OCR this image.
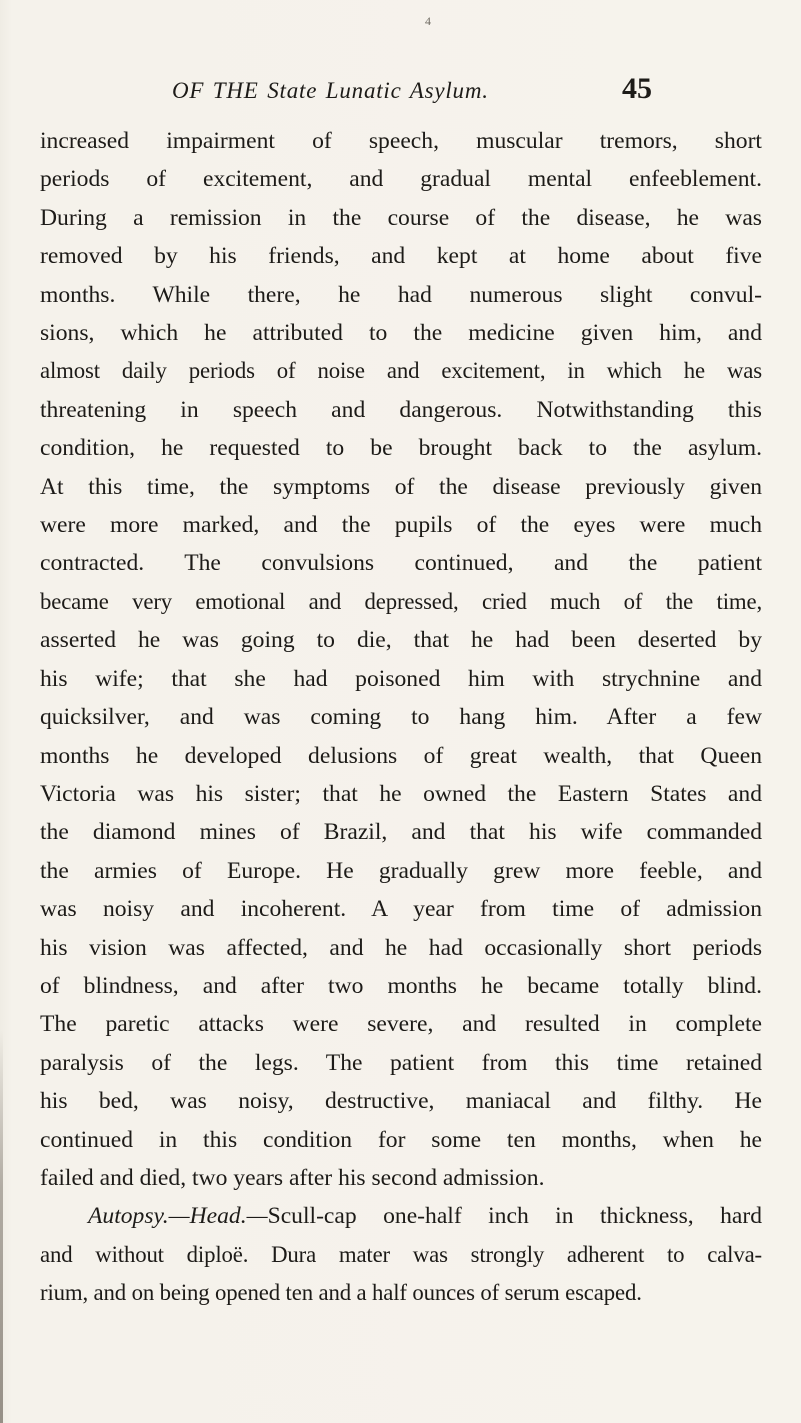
4
OF THE State Lunatic Asylum.	45
increased impairment of speech, muscular tremors, short
periods of excitement, and gradual mental enfeeblement.
During a remission in the course of the disease, he was
removed by his friends, and kept at home about five
months. While there, he had numerous slight convul-
sions, which he attributed to the medicine given him, and
almost daily periods of noise and excitement, in which he was
threatening in speech and dangerous. Notwithstanding this
condition, he requested to be brought back to the asylum.
At this time, the symptoms of the disease previously given
were more marked, and the pupils of the eyes were much
contracted. The convulsions continued, and the patient
became very emotional and depressed, cried much of the time,
asserted he was going to die, that he had been deserted by
his wife; that she had poisoned him with strychnine and
quicksilver, and was coming to hang him. After a few
months he developed delusions of great wealth, that Queen
Victoria was his sister; that he owned the Eastern States and
the diamond mines of Brazil, and that his wife commanded
the armies of Europe. He gradually grew more feeble, and
was noisy and incoherent. A year from time of admission
his vision was affected, and he had occasionally short periods
of blindness, and after two months he became totally blind.
The paretic attacks were severe, and resulted in complete
paralysis of the legs. The patient from this time retained
his bed, was noisy, destructive, maniacal and filthy. He
continued in this condition for some ten months, when he
failed and died, two years after his second admission.
Autopsy.—Head.—Scull-cap one-half inch in thickness, hard
and without diploë. Dura mater was strongly adherent to calva-
rium, and on being opened ten and a half ounces of serum escaped.
